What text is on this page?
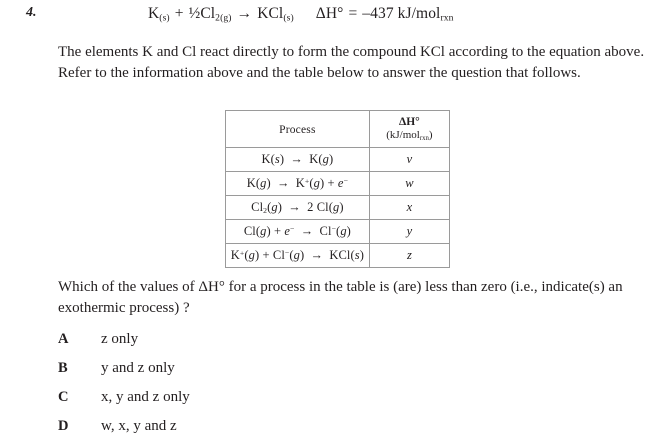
4.	$K_{(s)}$ + $\frac{1}{2}Cl_{2(g)} \to KCl_{(s)}$ ΔH° = –437 kJ/mol$_{rxn}$
The elements K and Cl react directly to form the compound KCl according to the equation above. Refer to the information above and the table below to answer the question that follows.
Process	ΔH°
(kJ/mol$_{rxn}$)

K(s) → K(g)	v
K(g) → K+(g) + e−	w
$Cl_2(g) \to 2$ Cl(g)	x
Cl(g) + e− → Cl−(g)	y
K+(g) + Cl−(g) → KCl(s)	z
Which of the values of ΔH° for a process in the table is (are) less than zero (i.e., indicate(s) an exothermic process) ?
A z only
B y and z only
C x, y and z only
D w, x, y and z
